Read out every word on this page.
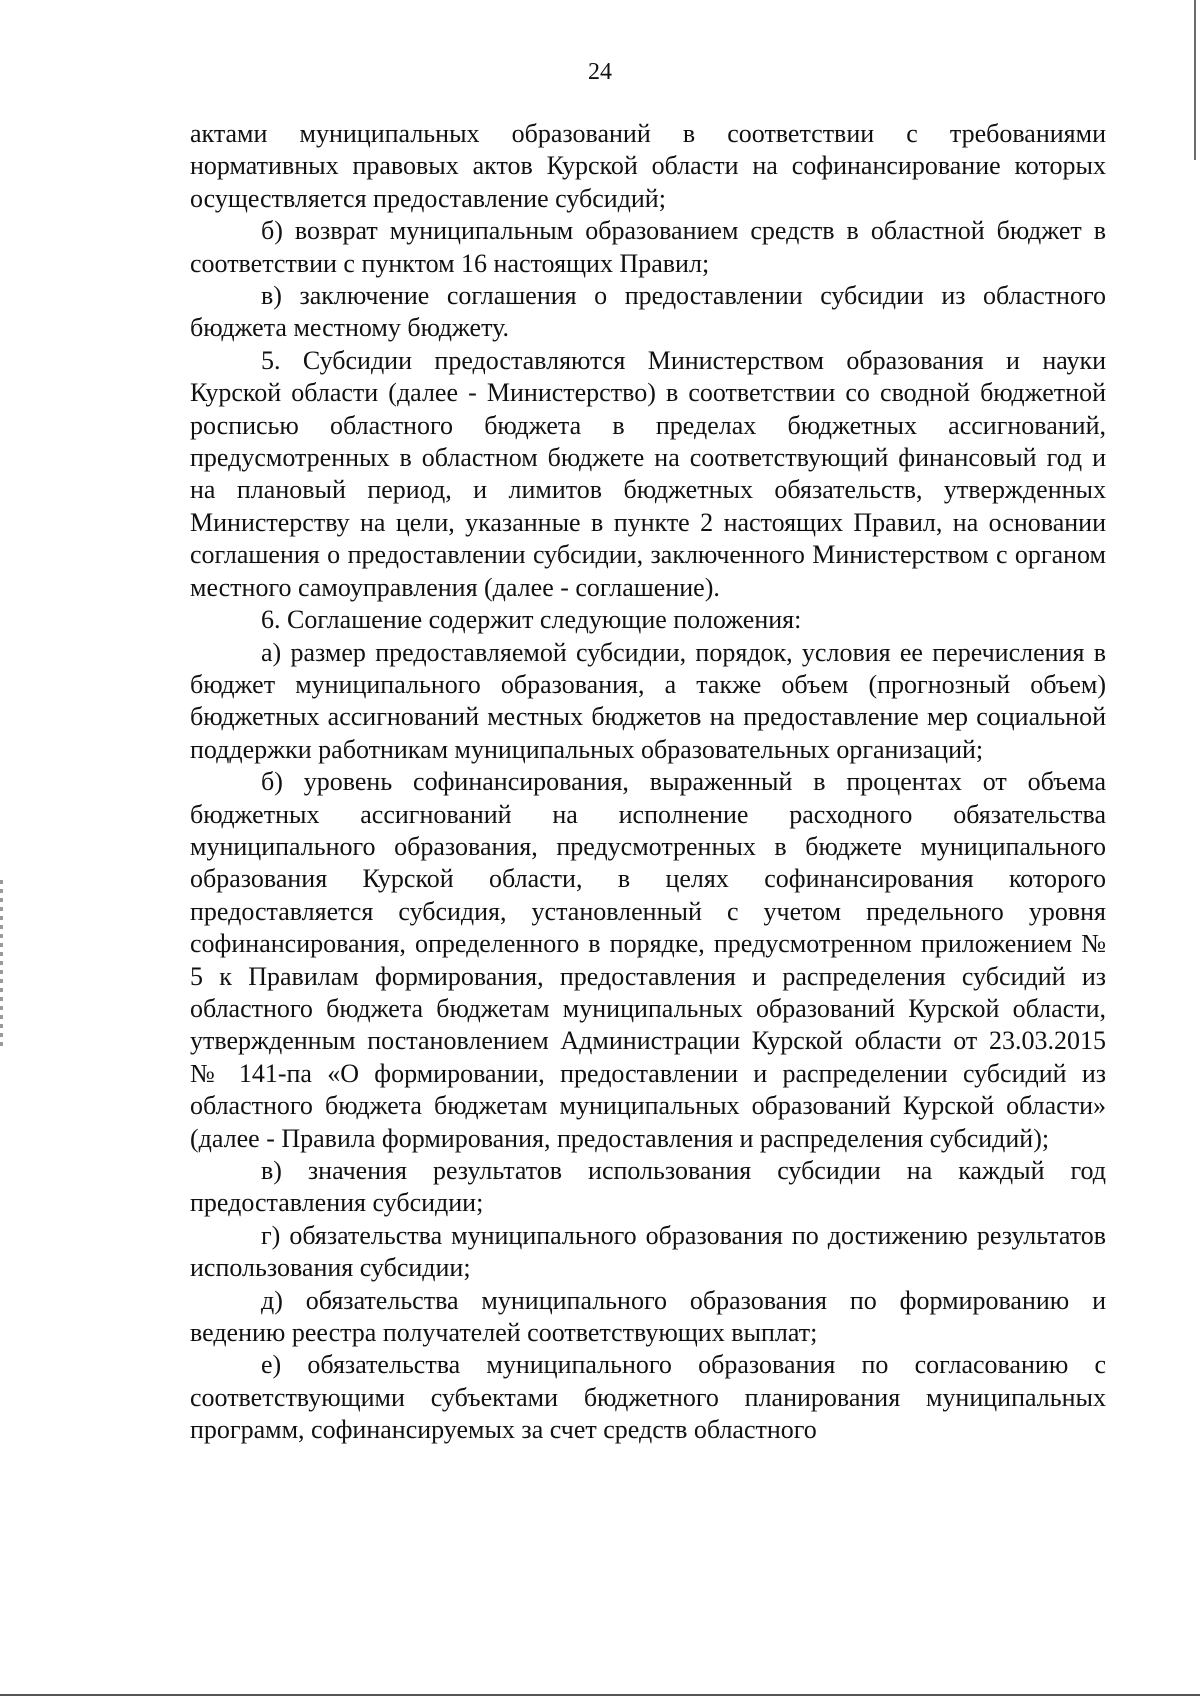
24

актами муниципальных образований в соответствии с требованиями нормативных правовых актов Курской области на софинансирование которых осуществляется предоставление субсидий;

б) возврат муниципальным образованием средств в областной бюджет в соответствии с пунктом 16 настоящих Правил;

в) заключение соглашения о предоставлении субсидии из областного бюджета местному бюджету.

5. Субсидии предоставляются Министерством образования и науки Курской области (далее - Министерство) в соответствии со сводной бюджетной росписью областного бюджета в пределах бюджетных ассигнований, предусмотренных в областном бюджете на соответствующий финансовый год и на плановый период, и лимитов бюджетных обязательств, утвержденных Министерству на цели, указанные в пункте 2 настоящих Правил, на основании соглашения о предоставлении субсидии, заключенного Министерством с органом местного самоуправления (далее - соглашение).

6. Соглашение содержит следующие положения:

а) размер предоставляемой субсидии, порядок, условия ее перечисления в бюджет муниципального образования, а также объем (прогнозный объем) бюджетных ассигнований местных бюджетов на предоставление мер социальной поддержки работникам муниципальных образовательных организаций;

б) уровень софинансирования, выраженный в процентах от объема бюджетных ассигнований на исполнение расходного обязательства муниципального образования, предусмотренных в бюджете муниципального образования Курской области, в целях софинансирования которого предоставляется субсидия, установленный с учетом предельного уровня софинансирования, определенного в порядке, предусмотренном приложением № 5 к Правилам формирования, предоставления и распределения субсидий из областного бюджета бюджетам муниципальных образований Курской области, утвержденным постановлением Администрации Курской области от 23.03.2015 № 141-па «О формировании, предоставлении и распределении субсидий из областного бюджета бюджетам муниципальных образований Курской области» (далее - Правила формирования, предоставления и распределения субсидий);

в) значения результатов использования субсидии на каждый год предоставления субсидии;

г) обязательства муниципального образования по достижению результатов использования субсидии;

д) обязательства муниципального образования по формированию и ведению реестра получателей соответствующих выплат;

е) обязательства муниципального образования по согласованию с соответствующими субъектами бюджетного планирования муниципальных программ, софинансируемых за счет средств областного
